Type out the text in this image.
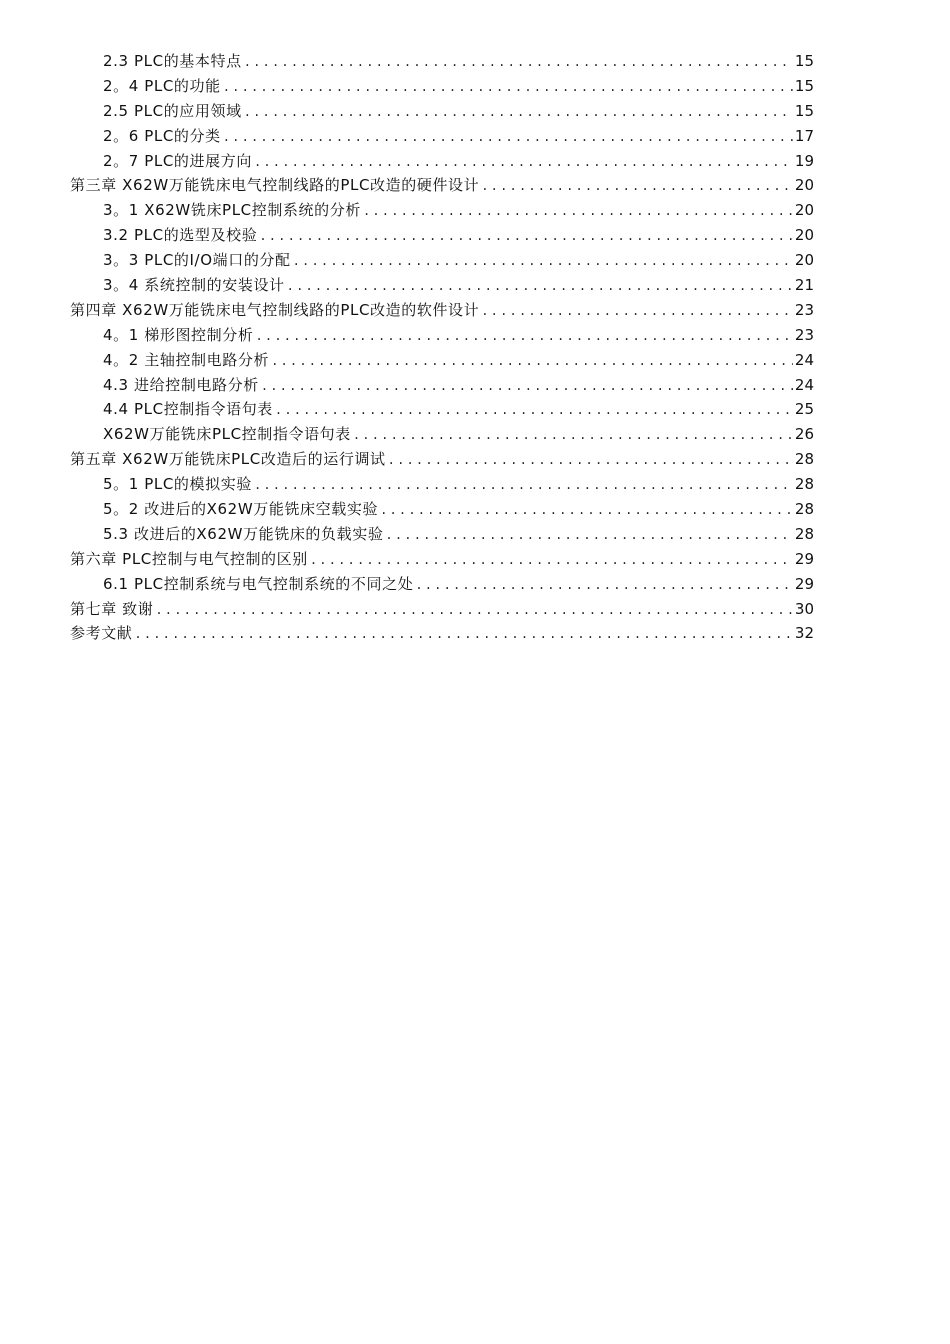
2.3 PLC的基本特点 .....	15
2。4 PLC的功能 .....	15
2.5 PLC的应用领域 .....	15
2。6 PLC的分类 .....	17
2。7 PLC的进展方向 .....	19
第三章 X62W万能铣床电气控制线路的PLC改造的硬件设计 .....	20
3。1 X62W铣床PLC控制系统的分析 .....	20
3.2 PLC的选型及校验 .....	20
3。3 PLC的I/O端口的分配 .....	20
3。4 系统控制的安装设计 .....	21
第四章 X62W万能铣床电气控制线路的PLC改造的软件设计 .....	23
4。1 梯形图控制分析 .....	23
4。2 主轴控制电路分析 .....	24
4.3 进给控制电路分析 .....	24
4.4 PLC控制指令语句表 .....	25
X62W万能铣床PLC控制指令语句表 .....	26
第五章 X62W万能铣床PLC改造后的运行调试 .....	28
5。1 PLC的模拟实验 .....	28
5。2 改进后的X62W万能铣床空载实验 .....	28
5.3 改进后的X62W万能铣床的负载实验 .....	28
第六章 PLC控制与电气控制的区别 .....	29
6.1 PLC控制系统与电气控制系统的不同之处 .....	29
第七章 致谢 .....	30
参考文献 .....	32
